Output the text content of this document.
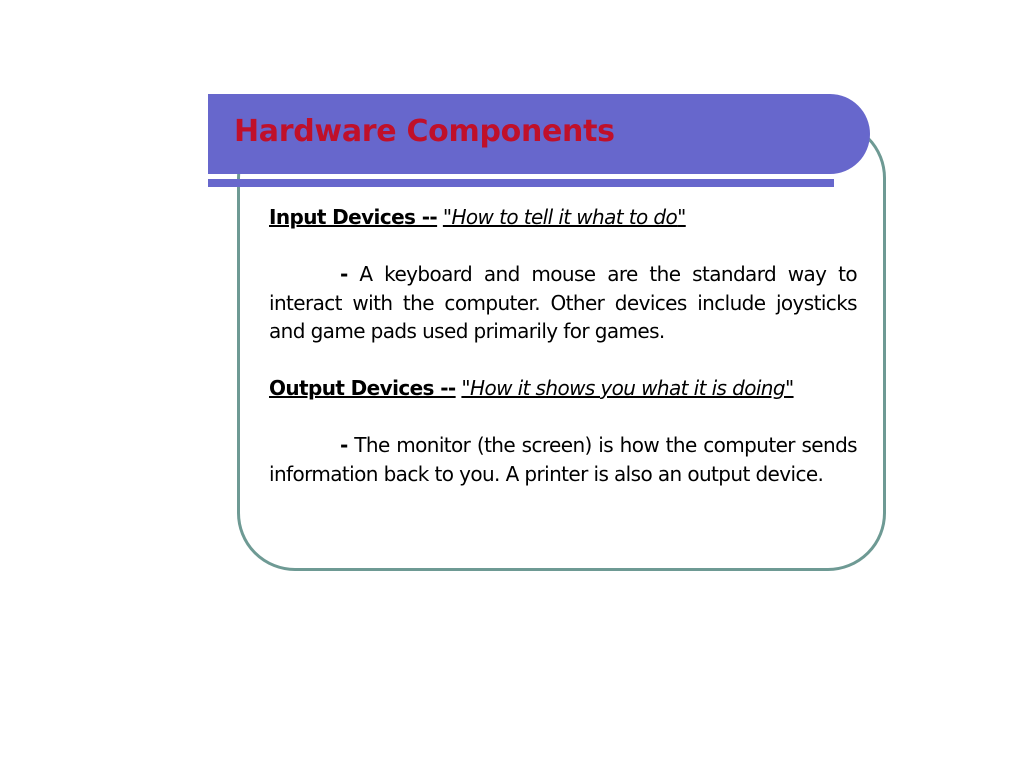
Hardware Components

Input Devices -- "How to tell it what to do"

- A keyboard and mouse are the standard way to interact with the computer. Other devices include joysticks and game pads used primarily for games.

Output Devices -- "How it shows you what it is doing"

- The monitor (the screen) is how the computer sends information back to you. A printer is also an output device.
